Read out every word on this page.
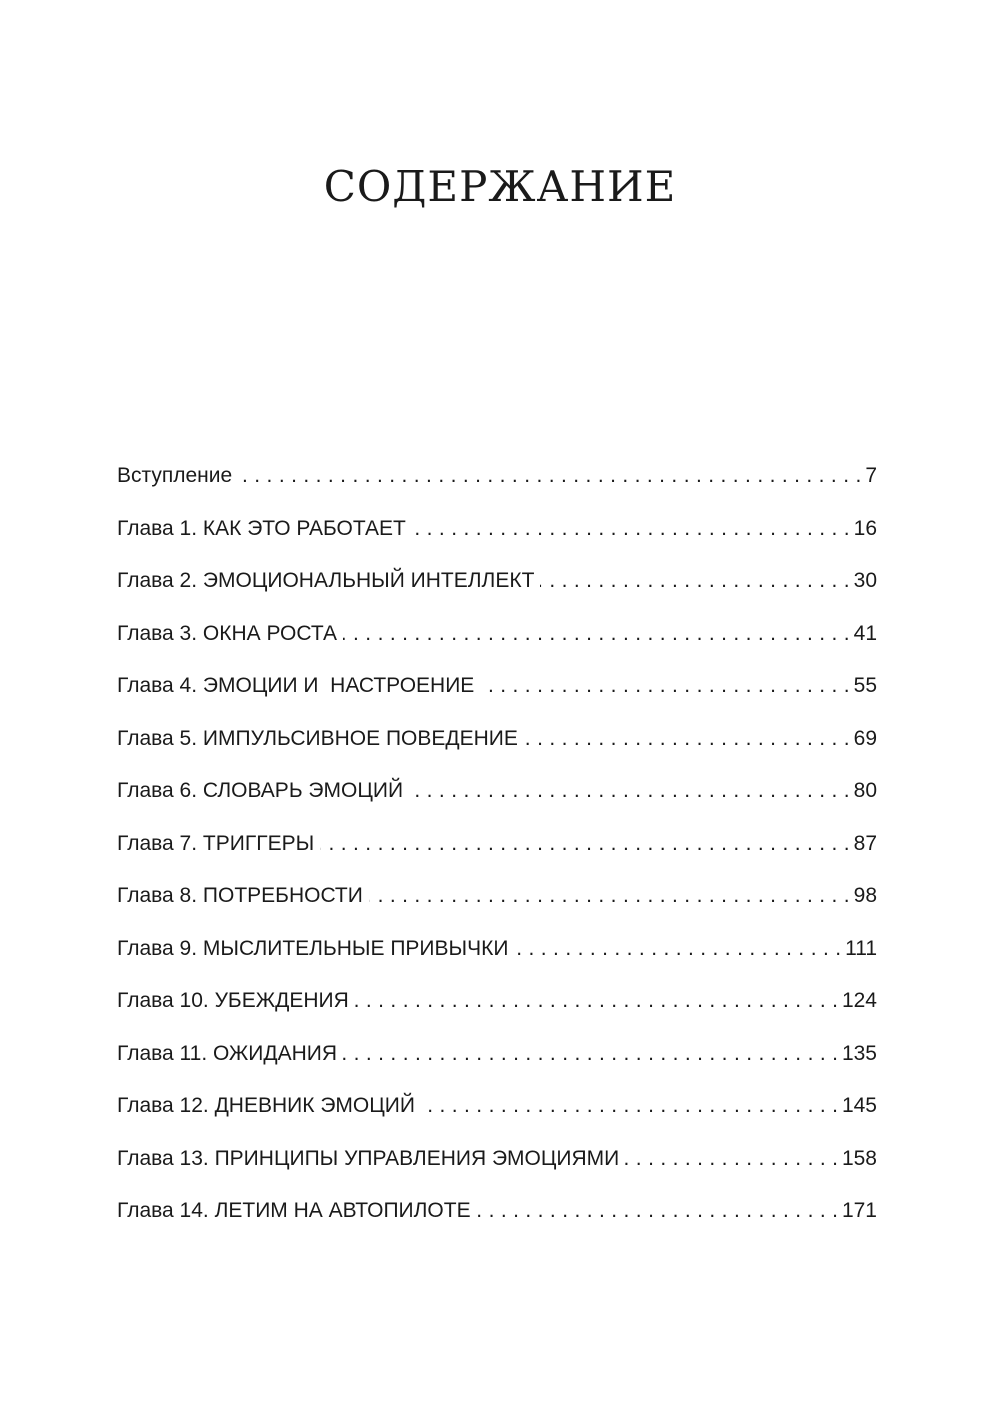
СОДЕРЖАНИЕ
Вступление . . .	7
Глава 1. КАК ЭТО РАБОТАЕТ . . .	16
Глава 2. ЭМОЦИОНАЛЬНЫЙ ИНТЕЛЛЕКТ . . .	30
Глава 3. ОКНА РОСТА . . .	41
Глава 4. ЭМОЦИИ И  НАСТРОЕНИЕ . . .	55
Глава 5. ИМПУЛЬСИВНОЕ ПОВЕДЕНИЕ . . .	69
Глава 6. СЛОВАРЬ ЭМОЦИЙ . . .	80
Глава 7. ТРИГГЕРЫ . . .	87
Глава 8. ПОТРЕБНОСТИ . . .	98
Глава 9. МЫСЛИТЕЛЬНЫЕ ПРИВЫЧКИ . . .	111
Глава 10. УБЕЖДЕНИЯ . . .	124
Глава 11. ОЖИДАНИЯ . . .	135
Глава 12. ДНЕВНИК ЭМОЦИЙ . . .	145
Глава 13. ПРИНЦИПЫ УПРАВЛЕНИЯ ЭМОЦИЯМИ . . .	158
Глава 14. ЛЕТИМ НА АВТОПИЛОТЕ . . .	171
